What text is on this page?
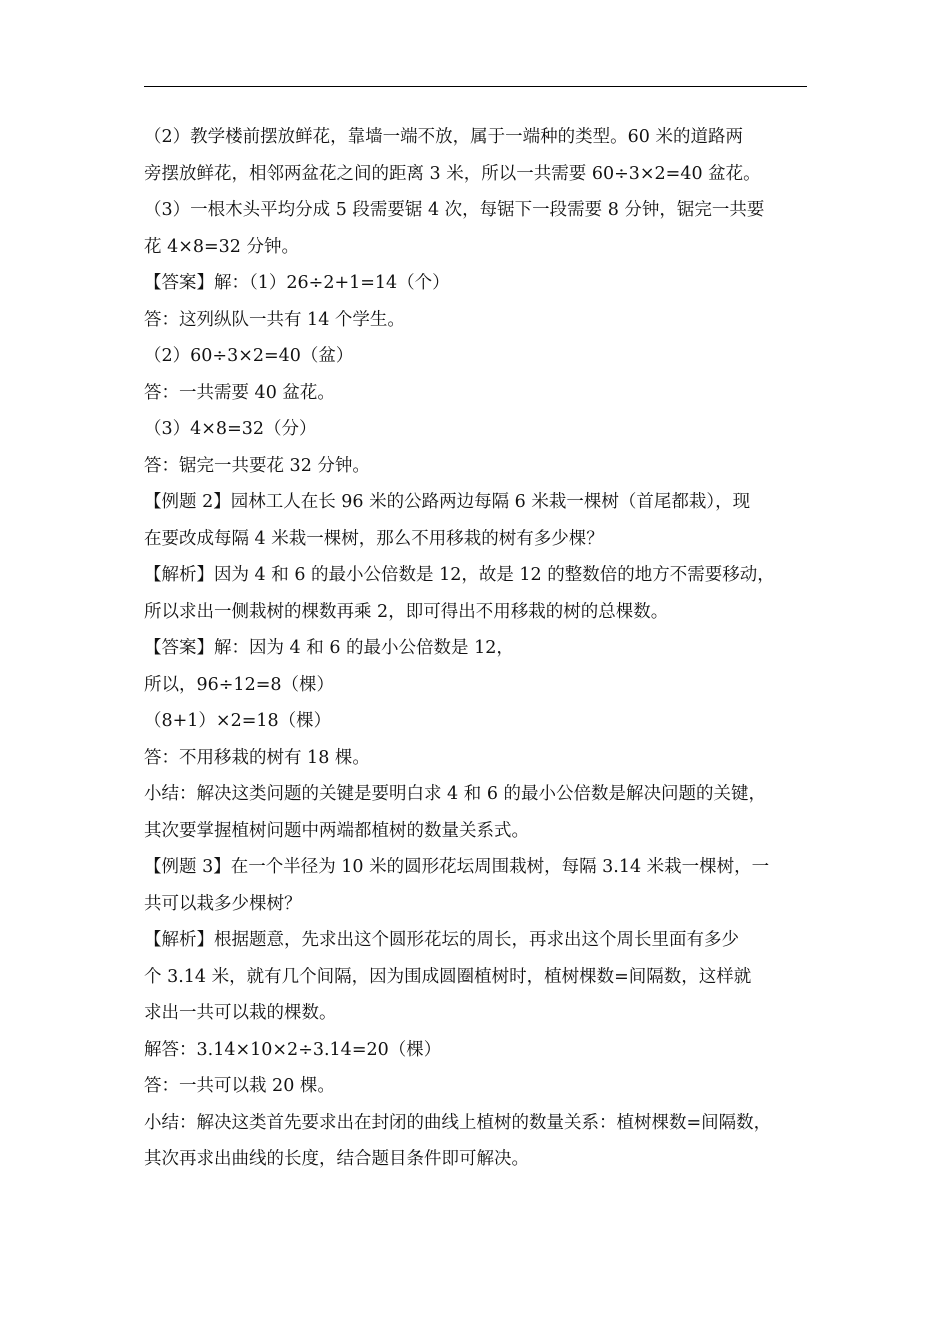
（2）教学楼前摆放鲜花，靠墙一端不放，属于一端种的类型。60 米的道路两
旁摆放鲜花，相邻两盆花之间的距离 3 米，所以一共需要 60÷3×2=40 盆花。
（3）一根木头平均分成 5 段需要锯 4 次，每锯下一段需要 8 分钟，锯完一共要
花 4×8=32 分钟。
【答案】解：（1）26÷2+1=14（个）
答：这列纵队一共有 14 个学生。
（2）60÷3×2=40（盆）
答：一共需要 40 盆花。
（3）4×8=32（分）
答：锯完一共要花 32 分钟。
【例题 2】园林工人在长 96 米的公路两边每隔 6 米栽一棵树（首尾都栽），现
在要改成每隔 4 米栽一棵树，那么不用移栽的树有多少棵？
【解析】因为 4 和 6 的最小公倍数是 12，故是 12 的整数倍的地方不需要移动，
所以求出一侧栽树的棵数再乘 2，即可得出不用移栽的树的总棵数。
【答案】解：因为 4 和 6 的最小公倍数是 12，
所以，96÷12=8（棵）
（8+1）×2=18（棵）
答：不用移栽的树有 18 棵。
小结：解决这类问题的关键是要明白求 4 和 6 的最小公倍数是解决问题的关键，
其次要掌握植树问题中两端都植树的数量关系式。
【例题 3】在一个半径为 10 米的圆形花坛周围栽树，每隔 3.14 米栽一棵树，一
共可以栽多少棵树？
【解析】根据题意，先求出这个圆形花坛的周长，再求出这个周长里面有多少
个 3.14 米，就有几个间隔，因为围成圆圈植树时，植树棵数=间隔数，这样就
求出一共可以栽的棵数。
解答：3.14×10×2÷3.14=20（棵）
答：一共可以栽 20 棵。
小结：解决这类首先要求出在封闭的曲线上植树的数量关系：植树棵数=间隔数，
其次再求出曲线的长度，结合题目条件即可解决。
